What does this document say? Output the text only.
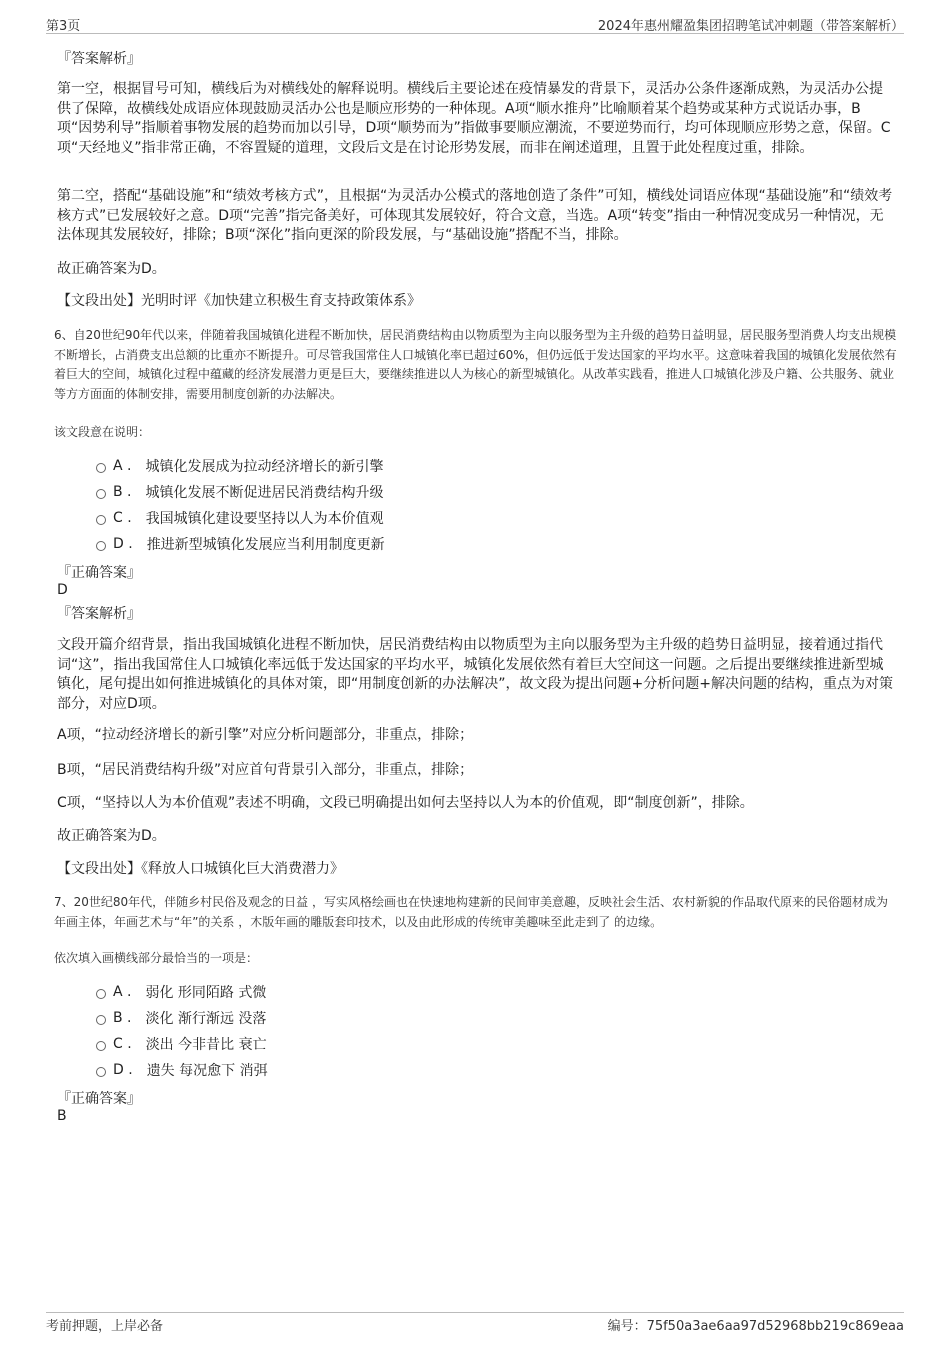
第3页	2024年惠州耀盈集团招聘笔试冲刺题（带答案解析）
『答案解析』

第一空，根据冒号可知，横线后为对横线处的解释说明。横线后主要论述在疫情暴发的背景下，灵活办公条件逐渐成熟，为灵活办公提供了保障，故横线处成语应体现鼓励灵活办公也是顺应形势的一种体现。A项“顺水推舟”比喻顺着某个趋势或某种方式说话办事，B项“因势利导”指顺着事物发展的趋势而加以引导，D项“顺势而为”指做事要顺应潮流，不要逆势而行，均可体现顺应形势之意，保留。C项“天经地义”指非常正确，不容置疑的道理，文段后文是在讨论形势发展，而非在阐述道理，且置于此处程度过重，排除。

第二空，搭配“基础设施”和“绩效考核方式”，且根据“为灵活办公模式的落地创造了条件”可知，横线处词语应体现“基础设施”和“绩效考核方式”已发展较好之意。D项“完善”指完备美好，可体现其发展较好，符合文意，当选。A项“转变”指由一种情况变成另一种情况，无法体现其发展较好，排除；B项“深化”指向更深的阶段发展，与“基础设施”搭配不当，排除。

故正确答案为D。
【文段出处】光明时评《加快建立积极生育支持政策体系》

6、自20世纪90年代以来，伴随着我国城镇化进程不断加快，居民消费结构由以物质型为主向以服务型为主升级的趋势日益明显，居民服务型消费人均支出规模不断增长，占消费支出总额的比重亦不断提升。可尽管我国常住人口城镇化率已超过60%，但仍远低于发达国家的平均水平。这意味着我国的城镇化发展依然有着巨大的空间，城镇化过程中蕴藏的经济发展潜力更是巨大，要继续推进以人为核心的新型城镇化。从改革实践看，推进人口城镇化涉及户籍、公共服务、就业等方方面面的体制安排，需要用制度创新的办法解决。

该文段意在说明：
A . 城镇化发展成为拉动经济增长的新引擎
B . 城镇化发展不断促进居民消费结构升级
C . 我国城镇化建设要坚持以人为本价值观
D . 推进新型城镇化发展应当利用制度更新
『正确答案』
D
『答案解析』

文段开篇介绍背景，指出我国城镇化进程不断加快，居民消费结构由以物质型为主向以服务型为主升级的趋势日益明显，接着通过指代词“这”，指出我国常住人口城镇化率远低于发达国家的平均水平，城镇化发展依然有着巨大空间这一问题。之后提出要继续推进新型城镇化，尾句提出如何推进城镇化的具体对策，即“用制度创新的办法解决”，故文段为提出问题+分析问题+解决问题的结构，重点为对策部分，对应D项。

A项，“拉动经济增长的新引擎”对应分析问题部分，非重点，排除；
B项，“居民消费结构升级”对应首句背景引入部分，非重点，排除；
C项，“坚持以人为本价值观”表述不明确，文段已明确提出如何去坚持以人为本的价值观，即“制度创新”，排除。
故正确答案为D。
【文段出处】《释放人口城镇化巨大消费潜力》

7、20世纪80年代，伴随乡村民俗及观念的日益 ，写实风格绘画也在快速地构建新的民间审美意趣，反映社会生活、农村新貌的作品取代原来的民俗题材成为年画主体，年画艺术与“年”的关系 ，木版年画的雕版套印技术，以及由此形成的传统审美趣味至此走到了 的边缘。

依次填入画横线部分最恰当的一项是：
A . 弱化 形同陌路 式微
B . 淡化 渐行渐远 没落
C . 淡出 今非昔比 衰亡
D . 遗失 每况愈下 消弭
『正确答案』
B
考前押题，上岸必备	编号：75f50a3ae6aa97d52968bb219c869eaa
